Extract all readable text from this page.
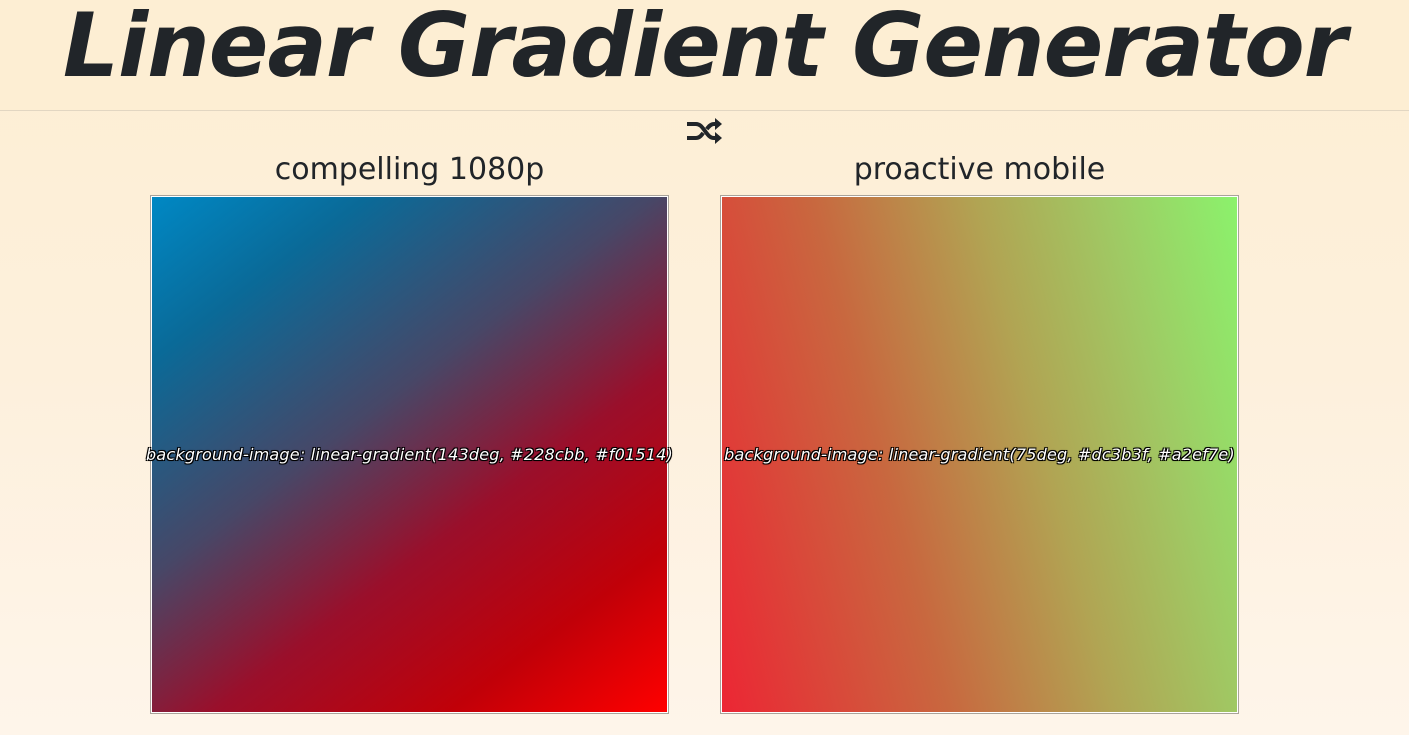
Linear Gradient Generator
compelling 1080p
background-image: linear-gradient(143deg, #228cbb, #f01514)
proactive mobile
background-image: linear-gradient(75deg, #dc3b3f, #a2ef7e)
